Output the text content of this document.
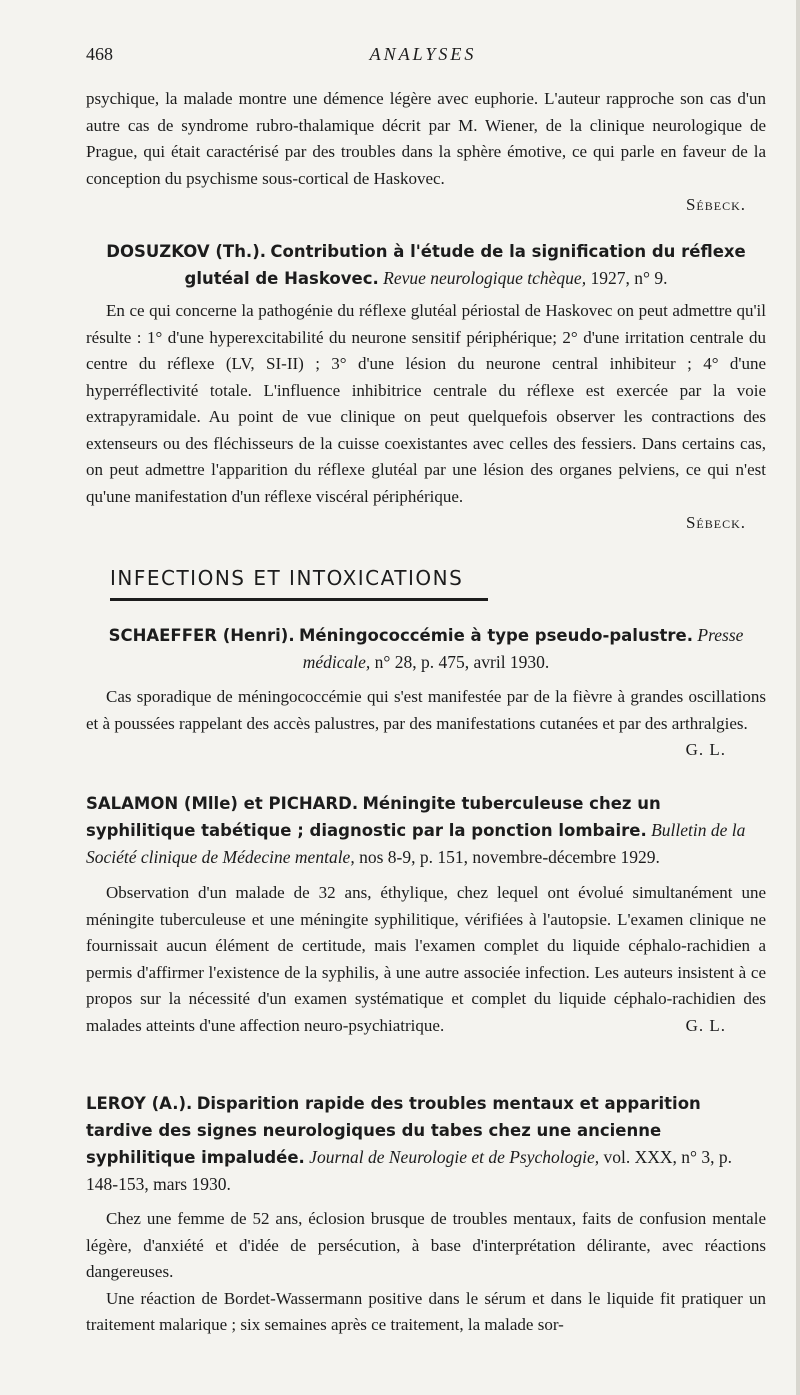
468	ANALYSES

psychique, la malade montre une démence légère avec euphorie. L'auteur rapproche son cas d'un autre cas de syndrome rubro-thalamique décrit par M. Wiener, de la clinique neurologique de Prague, qui était caractérisé par des troubles dans la sphère émotive, ce qui parle en faveur de la conception du psychisme sous-cortical de Haskovec.

Sébeck.
DOSUZKOV (Th.). Contribution à l'étude de la signification du réflexe glutéal de Haskovec. Revue neurologique tchèque, 1927, n° 9.

En ce qui concerne la pathogénie du réflexe glutéal périostal de Haskovec on peut admettre qu'il résulte : 1° d'une hyperexcitabilité du neurone sensitif périphérique; 2° d'une irritation centrale du centre du réflexe (LV, SI-II) ; 3° d'une lésion du neurone central inhibiteur ; 4° d'une hyperréflectivité totale. L'influence inhibitrice centrale du réflexe est exercée par la voie extrapyramidale. Au point de vue clinique on peut quelquefois observer les contractions des extenseurs ou des fléchisseurs de la cuisse coexistantes avec celles des fessiers. Dans certains cas, on peut admettre l'apparition du réflexe glutéal par une lésion des organes pelviens, ce qui n'est qu'une manifestation d'un réflexe viscéral périphérique.

Sébeck.
INFECTIONS ET INTOXICATIONS
SCHAEFFER (Henri). Méningococcémie à type pseudo-palustre. Presse médicale, n° 28, p. 475, avril 1930.

Cas sporadique de méningococcémie qui s'est manifestée par de la fièvre à grandes oscillations et à poussées rappelant des accès palustres, par des manifestations cutanées et par des arthralgies.
G. L.

SALAMON (Mlle) et PICHARD. Méningite tuberculeuse chez un syphilitique tabétique ; diagnostic par la ponction lombaire. Bulletin de la Société clinique de Médecine mentale, nos 8-9, p. 151, novembre-décembre 1929.

Observation d'un malade de 32 ans, éthylique, chez lequel ont évolué simultanément une méningite tuberculeuse et une méningite syphilitique, vérifiées à l'autopsie. L'examen clinique ne fournissait aucun élément de certitude, mais l'examen complet du liquide céphalo-rachidien a permis d'affirmer l'existence de la syphilis, à une autre associée infection. Les auteurs insistent à ce propos sur la nécessité d'un examen systématique et complet du liquide céphalo-rachidien des malades atteints d'une affection neuro-psychiatrique.	G. L.

LEROY (A.). Disparition rapide des troubles mentaux et apparition tardive des signes neurologiques du tabes chez une ancienne syphilitique impaludée. Journal de Neurologie et de Psychologie, vol. XXX, n° 3, p. 148-153, mars 1930.

Chez une femme de 52 ans, éclosion brusque de troubles mentaux, faits de confusion mentale légère, d'anxiété et d'idée de persécution, à base d'interprétation délirante, avec réactions dangereuses.

Une réaction de Bordet-Wassermann positive dans le sérum et dans le liquide fit pratiquer un traitement malarique ; six semaines après ce traitement, la malade sor-
